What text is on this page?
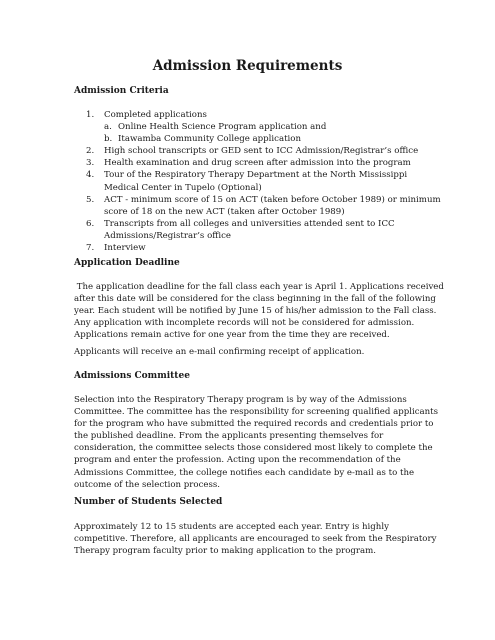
Admission Requirements
Admission Criteria
1. Completed applications
a. Online Health Science Program application and
b. Itawamba Community College application
2. High school transcripts or GED sent to ICC Admission/Registrar’s office
3. Health examination and drug screen after admission into the program
4. Tour of the Respiratory Therapy Department at the North Mississippi
Medical Center in Tupelo (Optional)
5. ACT - minimum score of 15 on ACT (taken before October 1989) or minimum
score of 18 on the new ACT (taken after October 1989)
6. Transcripts from all colleges and universities attended sent to ICC
Admissions/Registrar’s office
7. Interview
Application Deadline
The application deadline for the fall class each year is April 1. Applications received
after this date will be considered for the class beginning in the fall of the following
year. Each student will be notified by June 15 of his/her admission to the Fall class.
Any application with incomplete records will not be considered for admission.
Applications remain active for one year from the time they are received.
Applicants will receive an e-mail confirming receipt of application.
Admissions Committee
Selection into the Respiratory Therapy program is by way of the Admissions
Committee. The committee has the responsibility for screening qualified applicants
for the program who have submitted the required records and credentials prior to
the published deadline. From the applicants presenting themselves for
consideration, the committee selects those considered most likely to complete the
program and enter the profession. Acting upon the recommendation of the
Admissions Committee, the college notifies each candidate by e-mail as to the
outcome of the selection process.
Number of Students Selected
Approximately 12 to 15 students are accepted each year. Entry is highly
competitive. Therefore, all applicants are encouraged to seek from the Respiratory
Therapy program faculty prior to making application to the program.
